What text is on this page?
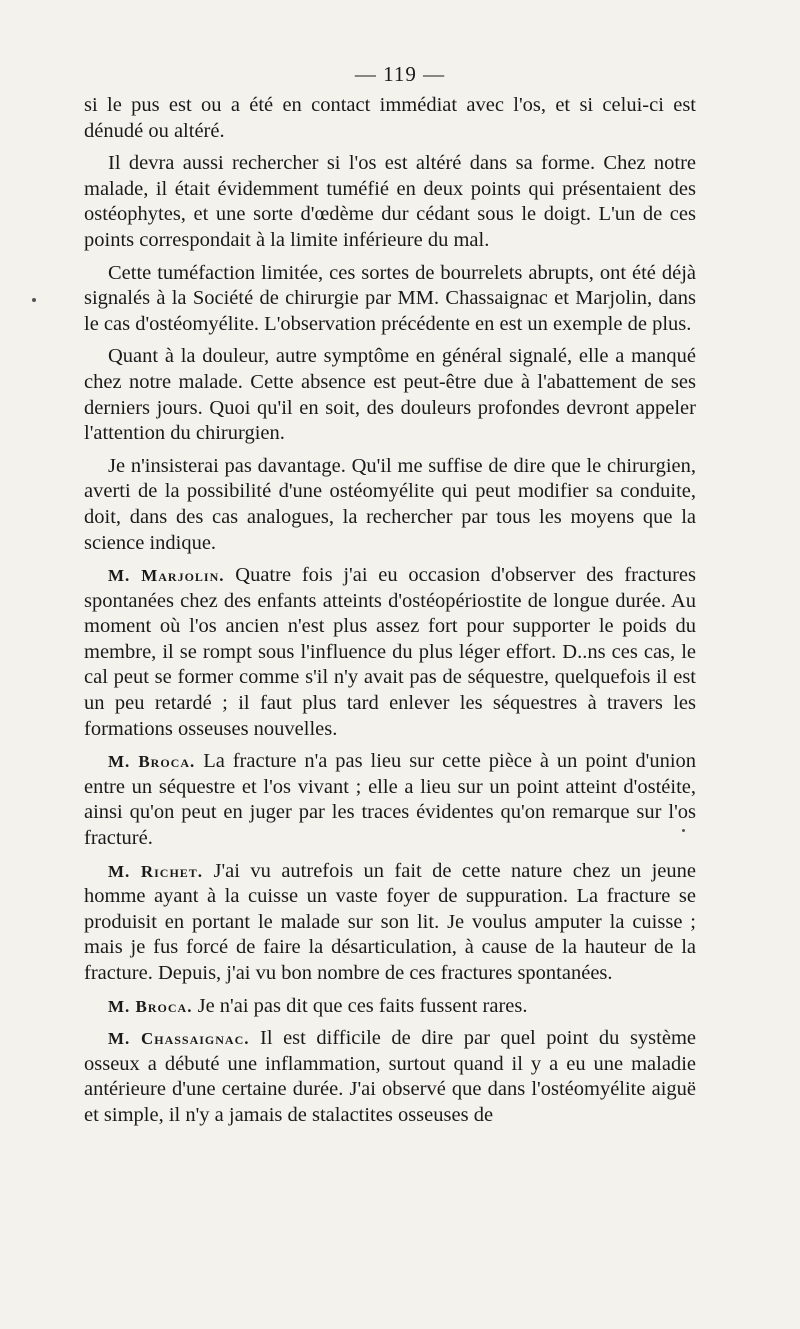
— 119 —

si le pus est ou a été en contact immédiat avec l'os, et si celui-ci est dénudé ou altéré.

Il devra aussi rechercher si l'os est altéré dans sa forme. Chez notre malade, il était évidemment tuméfié en deux points qui présentaient des ostéophytes, et une sorte d'œdème dur cédant sous le doigt. L'un de ces points correspondait à la limite inférieure du mal.

Cette tuméfaction limitée, ces sortes de bourrelets abrupts, ont été déjà signalés à la Société de chirurgie par MM. Chassaignac et Marjolin, dans le cas d'ostéomyélite. L'observation précédente en est un exemple de plus.

Quant à la douleur, autre symptôme en général signalé, elle a manqué chez notre malade. Cette absence est peut-être due à l'abattement de ses derniers jours. Quoi qu'il en soit, des douleurs profondes devront appeler l'attention du chirurgien.

Je n'insisterai pas davantage. Qu'il me suffise de dire que le chirurgien, averti de la possibilité d'une ostéomyélite qui peut modifier sa conduite, doit, dans des cas analogues, la rechercher par tous les moyens que la science indique.

M. Marjolin. Quatre fois j'ai eu occasion d'observer des fractures spontanées chez des enfants atteints d'ostéopériostite de longue durée. Au moment où l'os ancien n'est plus assez fort pour supporter le poids du membre, il se rompt sous l'influence du plus léger effort. D..ns ces cas, le cal peut se former comme s'il n'y avait pas de séquestre, quelquefois il est un peu retardé ; il faut plus tard enlever les séquestres à travers les formations osseuses nouvelles.

M. Broca. La fracture n'a pas lieu sur cette pièce à un point d'union entre un séquestre et l'os vivant ; elle a lieu sur un point atteint d'ostéite, ainsi qu'on peut en juger par les traces évidentes qu'on remarque sur l'os fracturé.

M. Richet. J'ai vu autrefois un fait de cette nature chez un jeune homme ayant à la cuisse un vaste foyer de suppuration. La fracture se produisit en portant le malade sur son lit. Je voulus amputer la cuisse ; mais je fus forcé de faire la désarticulation, à cause de la hauteur de la fracture. Depuis, j'ai vu bon nombre de ces fractures spontanées.

M. Broca. Je n'ai pas dit que ces faits fussent rares.

M. Chassaignac. Il est difficile de dire par quel point du système osseux a débuté une inflammation, surtout quand il y a eu une maladie antérieure d'une certaine durée. J'ai observé que dans l'ostéomyélite aiguë et simple, il n'y a jamais de stalactites osseuses de
